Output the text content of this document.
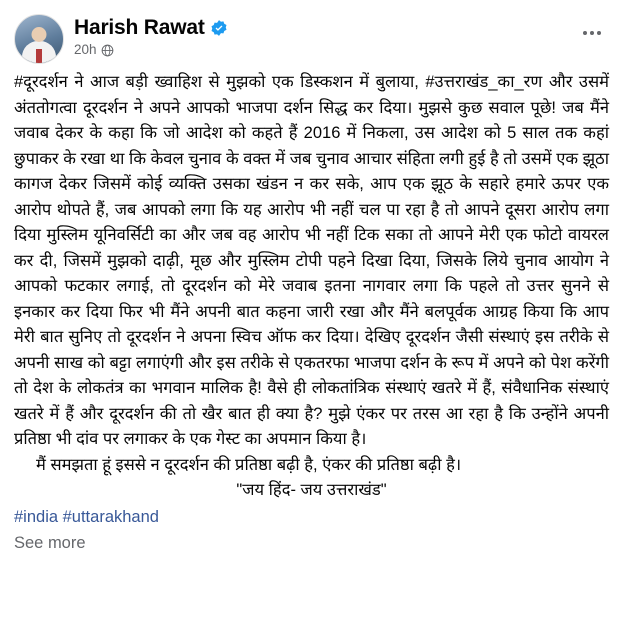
Harish Rawat
20h
#दूरदर्शन ने आज बड़ी ख्वाहिश से मुझको एक डिस्कशन में बुलाया, #उत्तराखंड_का_रण और उसमें अंततोगत्वा दूरदर्शन ने अपने आपको भाजपा दर्शन सिद्ध कर दिया। मुझसे कुछ सवाल पूछे! जब मैंने जवाब देकर के कहा कि जो आदेश को कहते हैं 2016 में निकला, उस आदेश को 5 साल तक कहां छुपाकर के रखा था कि केवल चुनाव के वक्त में जब चुनाव आचार संहिता लगी हुई है तो उसमें एक झूठा कागज देकर जिसमें कोई व्यक्ति उसका खंडन न कर सके, आप एक झूठ के सहारे हमारे ऊपर एक आरोप थोपते हैं, जब आपको लगा कि यह आरोप भी नहीं चल पा रहा है तो आपने दूसरा आरोप लगा दिया मुस्लिम यूनिवर्सिटी का और जब वह आरोप भी नहीं टिक सका तो आपने मेरी एक फोटो वायरल कर दी, जिसमें मुझको दाढ़ी, मूछ और मुस्लिम टोपी पहने दिखा दिया, जिसके लिये चुनाव आयोग ने आपको फटकार लगाई, तो दूरदर्शन को मेरे जवाब इतना नागवार लगा कि पहले तो उत्तर सुनने से इनकार कर दिया फिर भी मैंने अपनी बात कहना जारी रखा और मैंने बलपूर्वक आग्रह किया कि आप मेरी बात सुनिए तो दूरदर्शन ने अपना स्विच ऑफ कर दिया। देखिए दूरदर्शन जैसी संस्थाएं इस तरीके से अपनी साख को बट्टा लगाएंगी और इस तरीके से एकतरफा भाजपा दर्शन के रूप में अपने को पेश करेंगी तो देश के लोकतंत्र का भगवान मालिक है! वैसे ही लोकतांत्रिक संस्थाएं खतरे में हैं, संवैधानिक संस्थाएं खतरे में हैं और दूरदर्शन की तो खैर बात ही क्या है? मुझे एंकर पर तरस आ रहा है कि उन्होंने अपनी प्रतिष्ठा भी दांव पर लगाकर के एक गेस्ट का अपमान किया है।
मैं समझता हूं इससे न दूरदर्शन की प्रतिष्ठा बढ़ी है, एंकर की प्रतिष्ठा बढ़ी है।
"जय हिंद- जय उत्तराखंड"
#india #uttarakhand
See more
